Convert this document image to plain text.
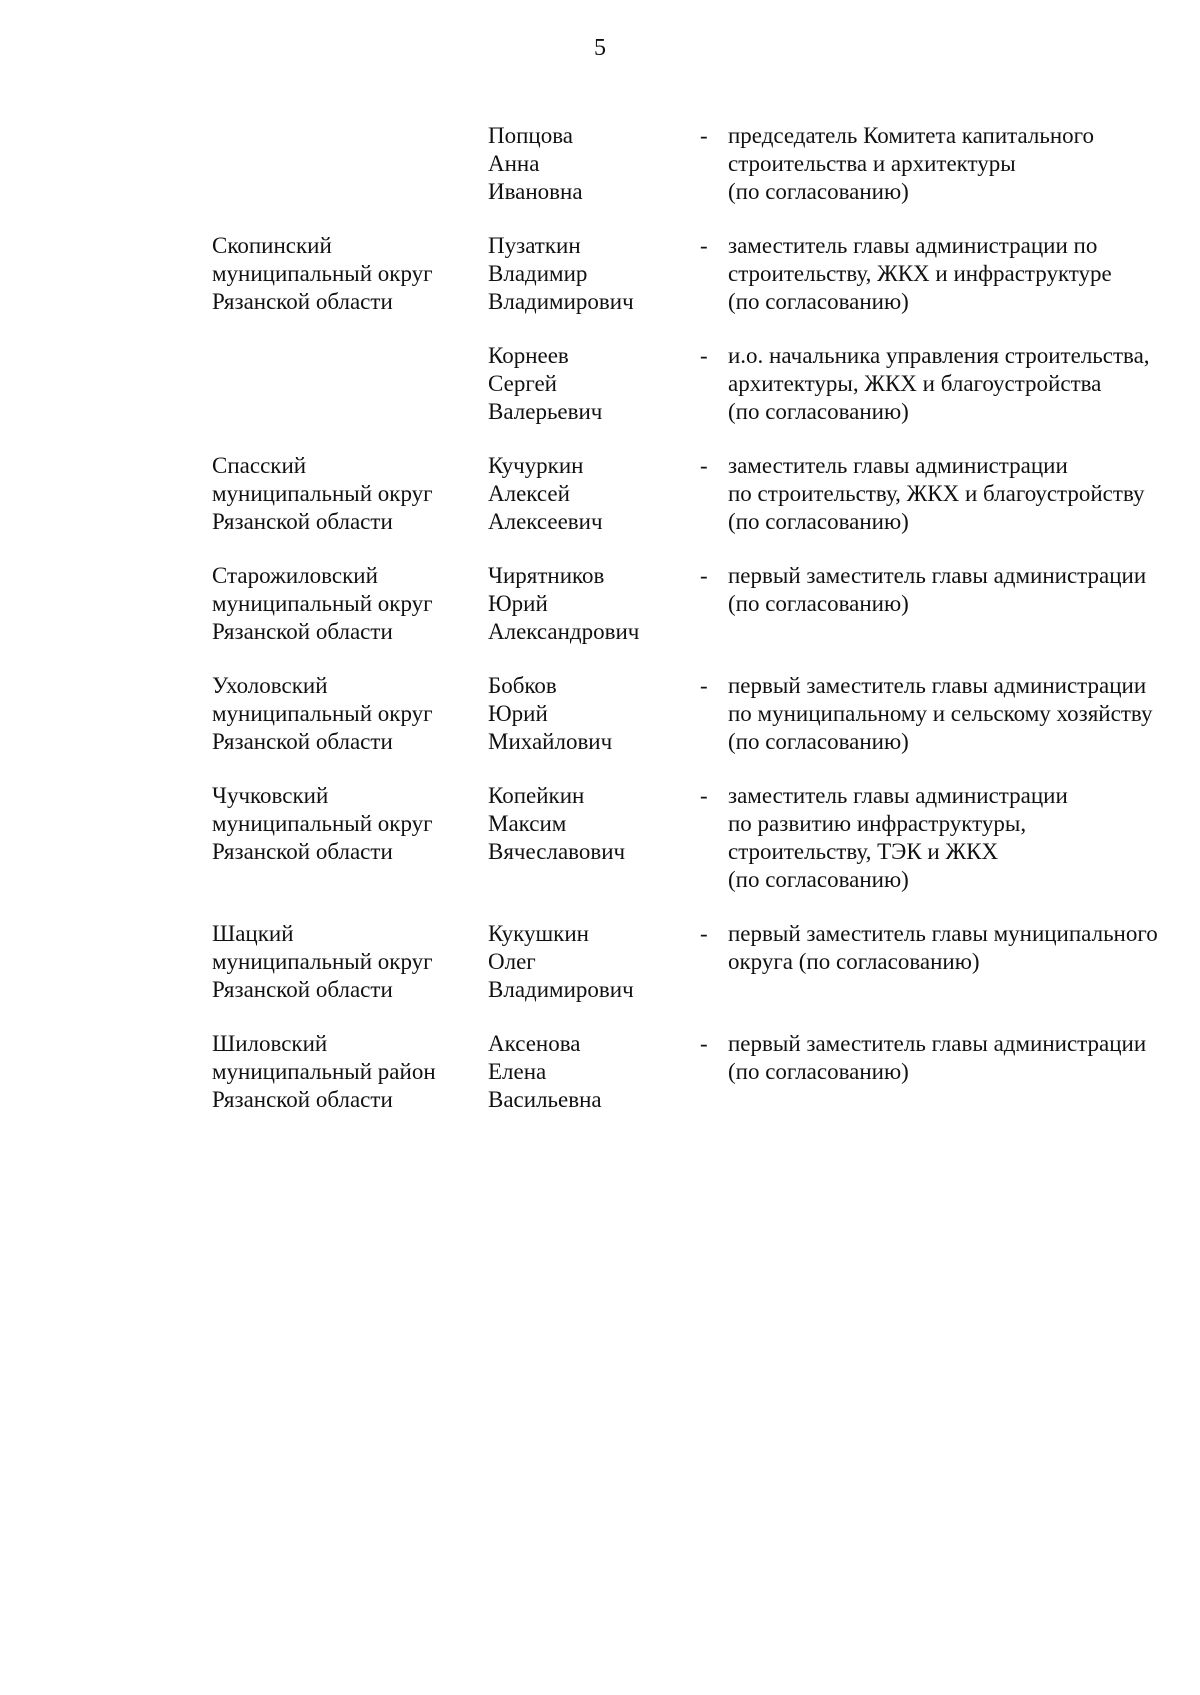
5
Попцова
Анна
Ивановна
председатель Комитета капитального
строительства и архитектуры
(по согласованию)
-
Скопинский
муниципальный округ
Рязанской области
Пузаткин
Владимир
Владимирович
заместитель главы администрации по
строительству, ЖКХ и инфраструктуре
(по согласованию)
-
Корнеев
Сергей
Валерьевич
и.о. начальника управления строительства,
архитектуры, ЖКХ и благоустройства
(по согласованию)
-
Спасский
муниципальный округ
Рязанской области
Кучуркин
Алексей
Алексеевич
заместитель главы администрации
по строительству, ЖКХ и благоустройству
(по согласованию)
-
Старожиловский
муниципальный округ
Рязанской области
Чирятников
Юрий
Александрович
первый заместитель главы администрации
(по согласованию)
-
Ухоловский
муниципальный округ
Рязанской области
Бобков
Юрий
Михайлович
первый заместитель главы администрации
по муниципальному и сельскому хозяйству
(по согласованию)
-
Чучковский
муниципальный округ
Рязанской области
Копейкин
Максим
Вячеславович
заместитель главы администрации
по развитию инфраструктуры,
строительству, ТЭК и ЖКХ
(по согласованию)
-
Шацкий
муниципальный округ
Рязанской области
Кукушкин
Олег
Владимирович
первый заместитель главы муниципального
округа (по согласованию)
-
Шиловский
муниципальный район
Рязанской области
Аксенова
Елена
Васильевна
первый заместитель главы администрации
(по согласованию)
-
